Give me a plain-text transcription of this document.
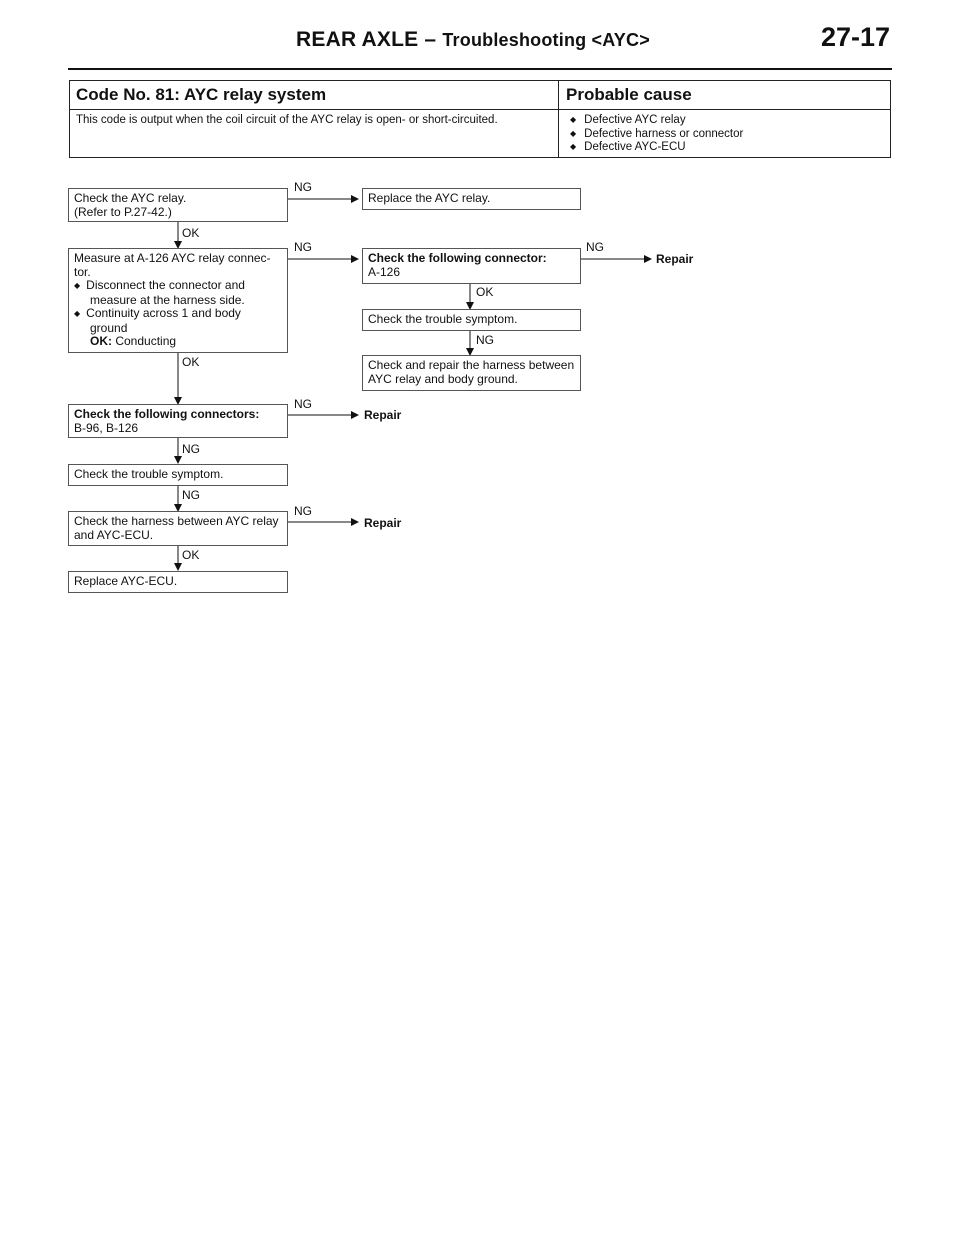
REAR AXLE – Troubleshooting <AYC>	27-17
Code No. 81: AYC relay system	Probable cause
This code is output when the coil circuit of the AYC relay is open- or short-circuited.
◆	Defective AYC relay
◆ Defective harness or connector
◆ Defective AYC-ECU
Check the AYC relay.
(Refer to P.27-42.)
NG
Replace the AYC relay.
OK
Measure at A-126 AYC relay connec-
tor.
◆ Disconnect the connector and
measure at the harness side.
◆ Continuity across 1 and body
ground
OK: Conducting
NG
Check the following connector:
A-126
NG
Repair
OK
Check the trouble symptom.
NG
Check and repair the harness between
AYC relay and body ground.
OK
Check the following connectors:
B-96, B-126
NG
Repair
NG
Check the trouble symptom.
NG
Check the harness between AYC relay
and AYC-ECU.
NG
Repair
OK
Replace AYC-ECU.
